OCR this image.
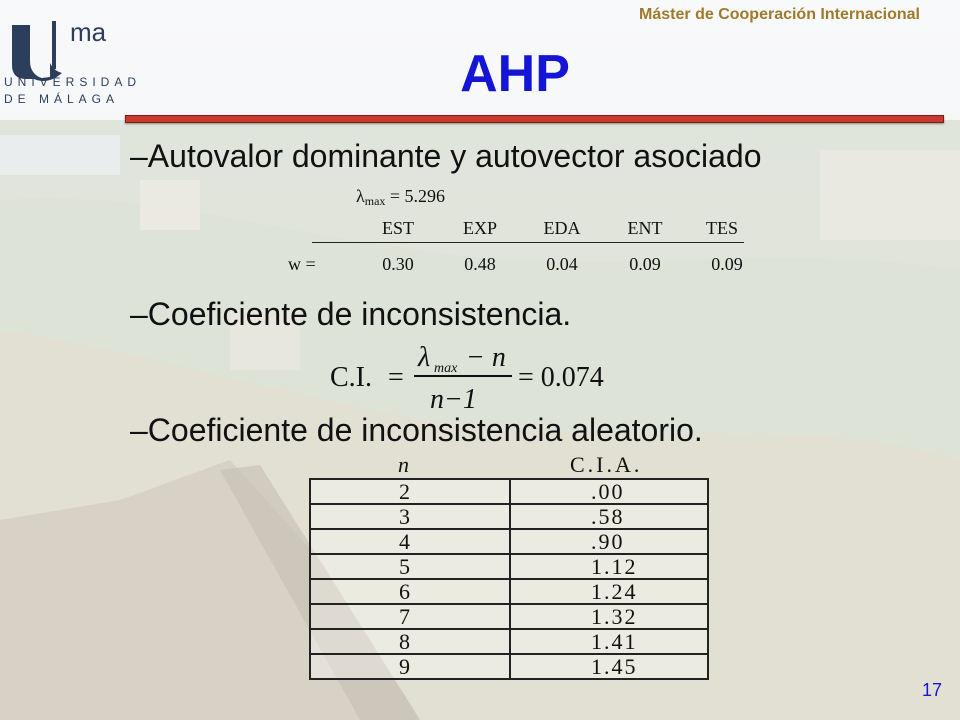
ma
UNIVERSIDAD
DE MÁLAGA
Máster de Cooperación Internacional
AHP
–Autovalor dominante y autovector asociado
$\lambda_{max} = 5.296$
EST	EXP	EDA	ENT	TES
w =	0.30	0.48	0.04	0.09	0.09
–Coeficiente de inconsistencia.
C.I. =
λ max − n
n−1
= 0.074
–Coeficiente de inconsistencia aleatorio.
n	C.I.A.
2	.00
3	.58
4	.90
5	1.12
6	1.24
7	1.32
8	1.41
9	1.45
17
